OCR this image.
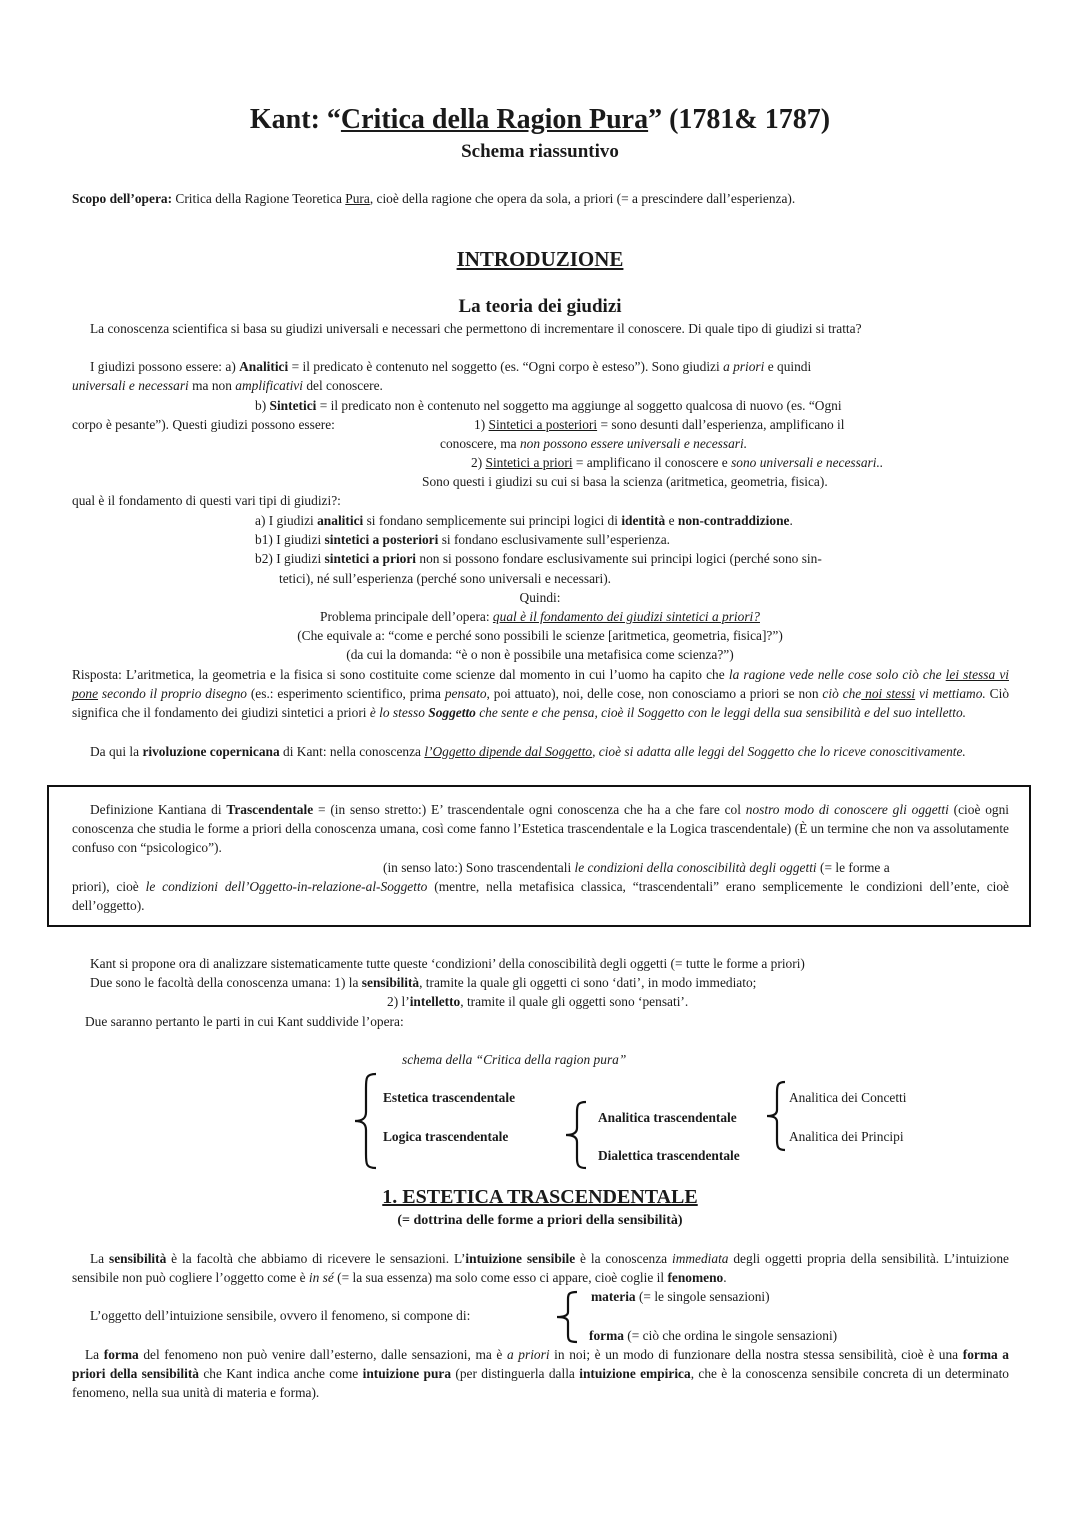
Kant: “Critica della Ragion Pura” (1781& 1787)
Schema riassuntivo
Scopo dell’opera: Critica della Ragione Teoretica Pura, cioè della ragione che opera da sola, a priori (= a prescindere dall’esperienza).
INTRODUZIONE
La teoria dei giudizi
La conoscenza scientifica si basa su giudizi universali e necessari che permettono di incrementare il conoscere. Di quale tipo di giudizi si tratta?
I giudizi possono essere: a) Analitici = il predicato è contenuto nel soggetto (es. “Ogni corpo è esteso”). Sono giudizi a priori e quindi
universali e necessari ma non amplificativi del conoscere.
b) Sintetici = il predicato non è contenuto nel soggetto ma aggiunge al soggetto qualcosa di nuovo (es. “Ogni
corpo è pesante”). Questi giudizi possono essere:	1) Sintetici a posteriori = sono desunti dall’esperienza, amplificano il
conoscere, ma non possono essere universali e necessari.
2) Sintetici a priori = amplificano il conoscere e sono universali e necessari..
Sono questi i giudizi su cui si basa la scienza (aritmetica, geometria, fisica).
qual è il fondamento di questi vari tipi di giudizi?:
a) I giudizi analitici si fondano semplicemente sui principi logici di identità e non-contraddizione.
b1) I giudizi sintetici a posteriori si fondano esclusivamente sull’esperienza.
b2) I giudizi sintetici a priori non si possono fondare esclusivamente sui principi logici (perché sono sin-
tetici), né sull’esperienza (perché sono universali e necessari).
Quindi:
Problema principale dell’opera: qual è il fondamento dei giudizi sintetici a priori?
(Che equivale a: “come e perché sono possibili le scienze [aritmetica, geometria, fisica]?”)
(da cui la domanda: “è o non è possibile una metafisica come scienza?”)
Risposta: L’aritmetica, la geometria e la fisica si sono costituite come scienze dal momento in cui l’uomo ha capito che la ragione vede nelle cose solo ciò che lei stessa vi pone secondo il proprio disegno (es.: esperimento scientifico, prima pensato, poi attuato), noi, delle cose, non conosciamo a priori se non ciò che noi stessi vi mettiamo. Ciò significa che il fondamento dei giudizi sintetici a priori è lo stesso Soggetto che sente e che pensa, cioè il Soggetto con le leggi della sua sensibilità e del suo intelletto.
Da qui la rivoluzione copernicana di Kant: nella conoscenza l’Oggetto dipende dal Soggetto, cioè si adatta alle leggi del Soggetto che lo riceve conoscitivamente.
Definizione Kantiana di Trascendentale = (in senso stretto:) E’ trascendentale ogni conoscenza che ha a che fare col nostro modo di conoscere gli oggetti (cioè ogni conoscenza che studia le forme a priori della conoscenza umana, così come fanno l’Estetica trascendentale e la Logica trascendentale) (È un termine che non va assolutamente confuso con “psicologico”).
(in senso lato:) Sono trascendentali le condizioni della conoscibilità degli oggetti (= le forme a
priori), cioè le condizioni dell’Oggetto-in-relazione-al-Soggetto (mentre, nella metafisica classica, “trascendentali” erano semplicemente le condizioni dell’ente, cioè dell’oggetto).
Kant si propone ora di analizzare sistematicamente tutte queste ‘condizioni’ della conoscibilità degli oggetti (= tutte le forme a priori)
Due sono le facoltà della conoscenza umana: 1) la sensibilità, tramite la quale gli oggetti ci sono ‘dati’, in modo immediato;
2) l’intelletto, tramite il quale gli oggetti sono ‘pensati’.
Due saranno pertanto le parti in cui Kant suddivide l’opera:
schema della “Critica della ragion pura”
Estetica trascendentale
Logica trascendentale
Analitica trascendentale
Dialettica trascendentale
Analitica dei Concetti
Analitica dei Principi
1. ESTETICA TRASCENDENTALE
(= dottrina delle forme a priori della sensibilità)
La sensibilità è la facoltà che abbiamo di ricevere le sensazioni. L’intuizione sensibile è la conoscenza immediata degli oggetti propria della sensibilità. L’intuizione sensibile non può cogliere l’oggetto come è in sé (= la sua essenza) ma solo come esso ci appare, cioè coglie il fenomeno.
L’oggetto dell’intuizione sensibile, ovvero il fenomeno, si compone di:
materia (= le singole sensazioni)
forma (= ciò che ordina le singole sensazioni)
La forma del fenomeno non può venire dall’esterno, dalle sensazioni, ma è a priori in noi; è un modo di funzionare della nostra stessa sensibilità, cioè è una forma a priori della sensibilità che Kant indica anche come intuizione pura (per distinguerla dalla intuizione empirica, che è la conoscenza sensibile concreta di un determinato fenomeno, nella sua unità di materia e forma).
